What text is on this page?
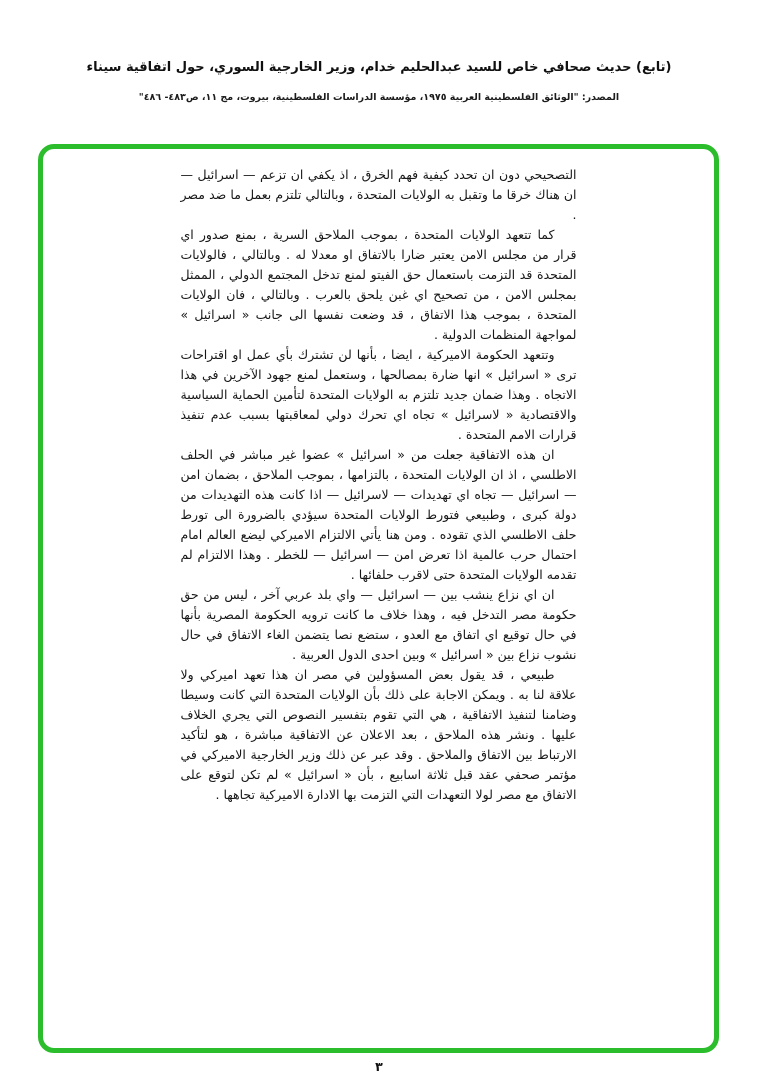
(تابع) حديث صحافي خاص للسيد عبدالحليم خدام، وزير الخارجية السوري، حول اتفاقية سيناء
المصدر: "الوثائق الفلسطينية العربية ١٩٧٥، مؤسسة الدراسات الفلسطينية، بيروت، مج ١١، ص٤٨٣- ٤٨٦"

التصحيحي دون ان تحدد كيفية فهم الخرق ، اذ يكفي ان تزعم — اسرائيل — ان هناك خرقا ما وتقبل به الولايات المتحدة ، وبالتالي تلتزم بعمل ما ضد مصر .

كما تتعهد الولايات المتحدة ، بموجب الملاحق السرية ، بمنع صدور اي قرار من مجلس الامن يعتبر ضارا بالاتفاق او معدلا له . وبالتالي ، فالولايات المتحدة قد التزمت باستعمال حق الفيتو لمنع تدخل المجتمع الدولي ، الممثل بمجلس الامن ، من تصحيح اي غبن يلحق بالعرب . وبالتالي ، فان الولايات المتحدة ، بموجب هذا الاتفاق ، قد وضعت نفسها الى جانب « اسرائيل » لمواجهة المنظمات الدولية .

وتتعهد الحكومة الاميركية ، ايضا ، بأنها لن تشترك بأي عمل او اقتراحات ترى « اسرائيل » انها ضارة بمصالحها ، وستعمل لمنع جهود الآخرين في هذا الاتجاه . وهذا ضمان جديد تلتزم به الولايات المتحدة لتأمين الحماية السياسية والاقتصادية « لاسرائيل » تجاه اي تحرك دولي لمعاقبتها بسبب عدم تنفيذ قرارات الامم المتحدة .

ان هذه الاتفاقية جعلت من « اسرائيل » عضوا غير مباشر في الحلف الاطلسي ، اذ ان الولايات المتحدة ، بالتزامها ، بموجب الملاحق ، بضمان امن — اسرائيل — تجاه اي تهديدات — لاسرائيل — اذا كانت هذه التهديدات من دولة كبرى ، وطبيعي فتورط الولايات المتحدة سيؤدي بالضرورة الى تورط حلف الاطلسي الذي تقوده . ومن هنا يأتي الالتزام الاميركي ليضع العالم امام احتمال حرب عالمية اذا تعرض امن — اسرائيل — للخطر . وهذا الالتزام لم تقدمه الولايات المتحدة حتى لاقرب حلفائها .

ان اي نزاع ينشب بين — اسرائيل — واي بلد عربي آخر ، ليس من حق حكومة مصر التدخل فيه ، وهذا خلاف ما كانت ترويه الحكومة المصرية بأنها في حال توقيع اي اتفاق مع العدو ، ستضع نصا يتضمن الغاء الاتفاق في حال نشوب نزاع بين « اسرائيل » وبين احدى الدول العربية .

طبيعي ، قد يقول بعض المسؤولين في مصر ان هذا تعهد اميركي ولا علاقة لنا به . ويمكن الاجابة على ذلك بأن الولايات المتحدة التي كانت وسيطا وضامنا لتنفيذ الاتفاقية ، هي التي تقوم بتفسير النصوص التي يجري الخلاف عليها . ونشر هذه الملاحق ، بعد الاعلان عن الاتفاقية مباشرة ، هو لتأكيد الارتباط بين الاتفاق والملاحق . وقد عبر عن ذلك وزير الخارجية الاميركي في مؤتمر صحفي عقد قبل ثلاثة اسابيع ، بأن « اسرائيل » لم تكن لتوقع على الاتفاق مع مصر لولا التعهدات التي التزمت بها الادارة الاميركية تجاهها .

٣
